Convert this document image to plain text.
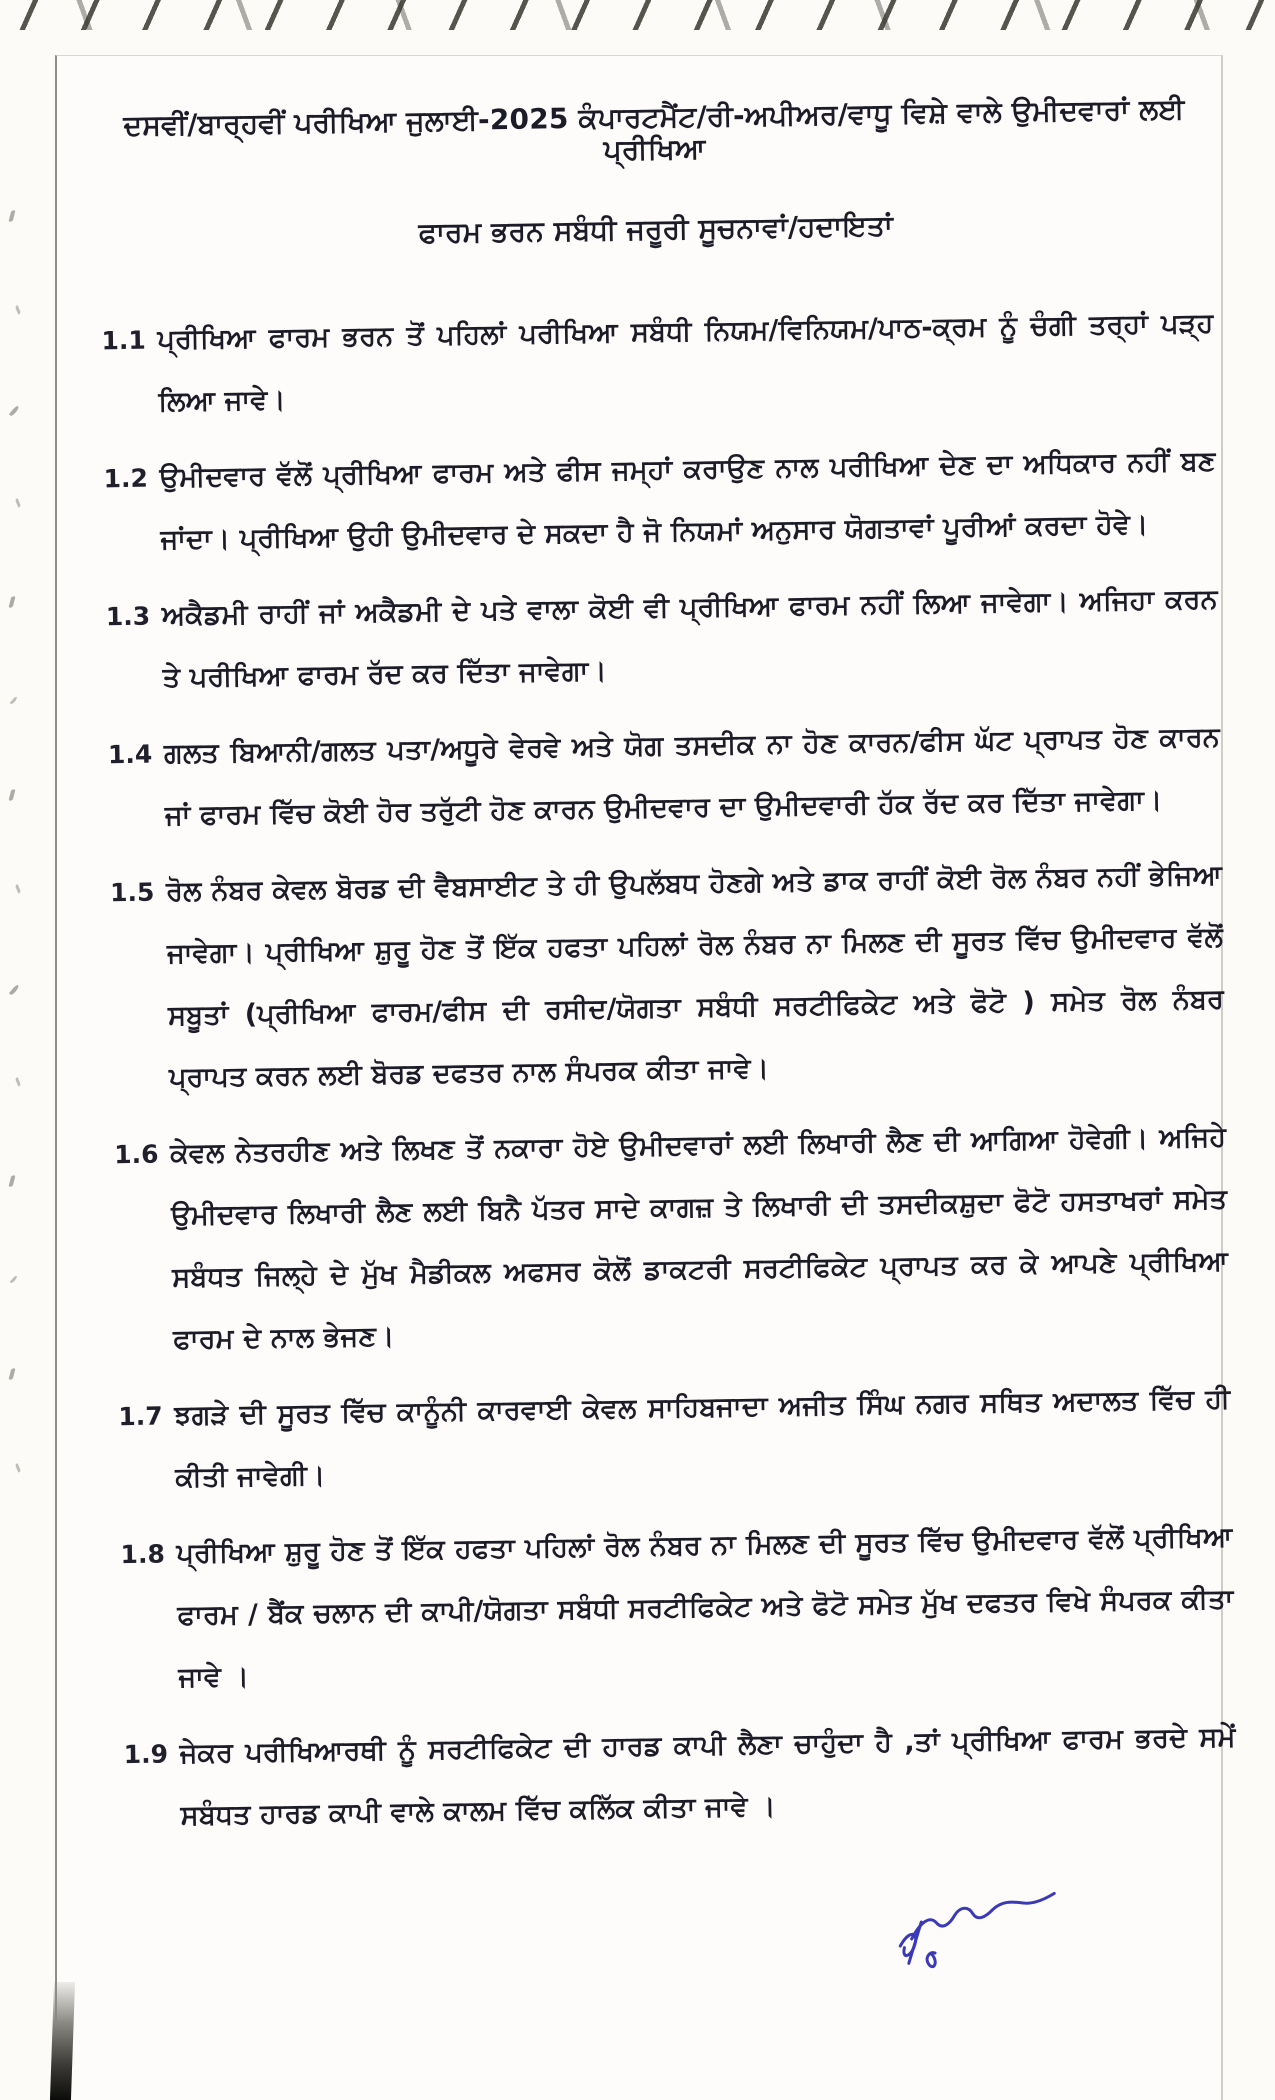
ਦਸਵੀਂ/ਬਾਰ੍ਹਵੀਂ ਪਰੀਖਿਆ ਜੁਲਾਈ-2025 ਕੰਪਾਰਟਮੈਂਟ/ਰੀ-ਅਪੀਅਰ/ਵਾਧੂ ਵਿਸ਼ੇ ਵਾਲੇ ਉਮੀਦਵਾਰਾਂ ਲਈ ਪ੍ਰੀਖਿਆ
ਫਾਰਮ ਭਰਨ ਸਬੰਧੀ ਜਰੂਰੀ ਸੂਚਨਾਵਾਂ/ਹਦਾਇਤਾਂ
1.1 ਪ੍ਰੀਖਿਆ ਫਾਰਮ ਭਰਨ ਤੋਂ ਪਹਿਲਾਂ ਪਰੀਖਿਆ ਸਬੰਧੀ ਨਿਯਮ/ਵਿਨਿਯਮ/ਪਾਠ-ਕ੍ਰਮ ਨੂੰ ਚੰਗੀ ਤਰ੍ਹਾਂ ਪੜ੍ਹ ਲਿਆ ਜਾਵੇ।

1.2 ਉਮੀਦਵਾਰ ਵੱਲੋਂ ਪ੍ਰੀਖਿਆ ਫਾਰਮ ਅਤੇ ਫੀਸ ਜਮ੍ਹਾਂ ਕਰਾਉਣ ਨਾਲ ਪਰੀਖਿਆ ਦੇਣ ਦਾ ਅਧਿਕਾਰ ਨਹੀਂ ਬਣ ਜਾਂਦਾ। ਪ੍ਰੀਖਿਆ ਉਹੀ ਉਮੀਦਵਾਰ ਦੇ ਸਕਦਾ ਹੈ ਜੋ ਨਿਯਮਾਂ ਅਨੁਸਾਰ ਯੋਗਤਾਵਾਂ ਪੂਰੀਆਂ ਕਰਦਾ ਹੋਵੇ।

1.3 ਅਕੈਡਮੀ ਰਾਹੀਂ ਜਾਂ ਅਕੈਡਮੀ ਦੇ ਪਤੇ ਵਾਲਾ ਕੋਈ ਵੀ ਪ੍ਰੀਖਿਆ ਫਾਰਮ ਨਹੀਂ ਲਿਆ ਜਾਵੇਗਾ। ਅਜਿਹਾ ਕਰਨ ਤੇ ਪਰੀਖਿਆ ਫਾਰਮ ਰੱਦ ਕਰ ਦਿੱਤਾ ਜਾਵੇਗਾ।

1.4 ਗਲਤ ਬਿਆਨੀ/ਗਲਤ ਪਤਾ/ਅਧੂਰੇ ਵੇਰਵੇ ਅਤੇ ਯੋਗ ਤਸਦੀਕ ਨਾ ਹੋਣ ਕਾਰਨ/ਫੀਸ ਘੱਟ ਪ੍ਰਾਪਤ ਹੋਣ ਕਾਰਨ ਜਾਂ ਫਾਰਮ ਵਿੱਚ ਕੋਈ ਹੋਰ ਤਰੁੱਟੀ ਹੋਣ ਕਾਰਨ ਉਮੀਦਵਾਰ ਦਾ ਉਮੀਦਵਾਰੀ ਹੱਕ ਰੱਦ ਕਰ ਦਿੱਤਾ ਜਾਵੇਗਾ।

1.5 ਰੋਲ ਨੰਬਰ ਕੇਵਲ ਬੋਰਡ ਦੀ ਵੈਬਸਾਈਟ ਤੇ ਹੀ ਉਪਲੱਬਧ ਹੋਣਗੇ ਅਤੇ ਡਾਕ ਰਾਹੀਂ ਕੋਈ ਰੋਲ ਨੰਬਰ ਨਹੀਂ ਭੇਜਿਆ ਜਾਵੇਗਾ। ਪ੍ਰੀਖਿਆ ਸ਼ੁਰੂ ਹੋਣ ਤੋਂ ਇੱਕ ਹਫਤਾ ਪਹਿਲਾਂ ਰੋਲ ਨੰਬਰ ਨਾ ਮਿਲਣ ਦੀ ਸੂਰਤ ਵਿੱਚ ਉਮੀਦਵਾਰ ਵੱਲੋਂ ਸਬੂਤਾਂ (ਪ੍ਰੀਖਿਆ ਫਾਰਮ/ਫੀਸ ਦੀ ਰਸੀਦ/ਯੋਗਤਾ ਸਬੰਧੀ ਸਰਟੀਫਿਕੇਟ ਅਤੇ ਫੋਟੋ ) ਸਮੇਤ ਰੋਲ ਨੰਬਰ ਪ੍ਰਾਪਤ ਕਰਨ ਲਈ ਬੋਰਡ ਦਫਤਰ ਨਾਲ ਸੰਪਰਕ ਕੀਤਾ ਜਾਵੇ।

1.6 ਕੇਵਲ ਨੇਤਰਹੀਣ ਅਤੇ ਲਿਖਣ ਤੋਂ ਨਕਾਰਾ ਹੋਏ ਉਮੀਦਵਾਰਾਂ ਲਈ ਲਿਖਾਰੀ ਲੈਣ ਦੀ ਆਗਿਆ ਹੋਵੇਗੀ। ਅਜਿਹੇ ਉਮੀਦਵਾਰ ਲਿਖਾਰੀ ਲੈਣ ਲਈ ਬਿਨੈ ਪੱਤਰ ਸਾਦੇ ਕਾਗਜ਼ ਤੇ ਲਿਖਾਰੀ ਦੀ ਤਸਦੀਕਸ਼ੁਦਾ ਫੋਟੋ ਹਸਤਾਖਰਾਂ ਸਮੇਤ ਸਬੰਧਤ ਜਿਲ੍ਹੇ ਦੇ ਮੁੱਖ ਮੈਡੀਕਲ ਅਫਸਰ ਕੋਲੋਂ ਡਾਕਟਰੀ ਸਰਟੀਫਿਕੇਟ ਪ੍ਰਾਪਤ ਕਰ ਕੇ ਆਪਣੇ ਪ੍ਰੀਖਿਆ ਫਾਰਮ ਦੇ ਨਾਲ ਭੇਜਣ।

1.7 ਝਗੜੇ ਦੀ ਸੂਰਤ ਵਿੱਚ ਕਾਨੂੰਨੀ ਕਾਰਵਾਈ ਕੇਵਲ ਸਾਹਿਬਜਾਦਾ ਅਜੀਤ ਸਿੰਘ ਨਗਰ ਸਥਿਤ ਅਦਾਲਤ ਵਿੱਚ ਹੀ ਕੀਤੀ ਜਾਵੇਗੀ।

1.8 ਪ੍ਰੀਖਿਆ ਸ਼ੁਰੂ ਹੋਣ ਤੋਂ ਇੱਕ ਹਫਤਾ ਪਹਿਲਾਂ ਰੋਲ ਨੰਬਰ ਨਾ ਮਿਲਣ ਦੀ ਸੂਰਤ ਵਿੱਚ ਉਮੀਦਵਾਰ ਵੱਲੋਂ ਪ੍ਰੀਖਿਆ ਫਾਰਮ / ਬੈਂਕ ਚਲਾਨ ਦੀ ਕਾਪੀ/ਯੋਗਤਾ ਸਬੰਧੀ ਸਰਟੀਫਿਕੇਟ ਅਤੇ ਫੋਟੋ ਸਮੇਤ ਮੁੱਖ ਦਫਤਰ ਵਿਖੇ ਸੰਪਰਕ ਕੀਤਾ ਜਾਵੇ ।

1.9 ਜੇਕਰ ਪਰੀਖਿਆਰਥੀ ਨੂੰ ਸਰਟੀਫਿਕੇਟ ਦੀ ਹਾਰਡ ਕਾਪੀ ਲੈਣਾ ਚਾਹੁੰਦਾ ਹੈ ,ਤਾਂ ਪ੍ਰੀਖਿਆ ਫਾਰਮ ਭਰਦੇ ਸਮੇਂ ਸਬੰਧਤ ਹਾਰਡ ਕਾਪੀ ਵਾਲੇ ਕਾਲਮ ਵਿੱਚ ਕਲਿੱਕ ਕੀਤਾ ਜਾਵੇ ।
